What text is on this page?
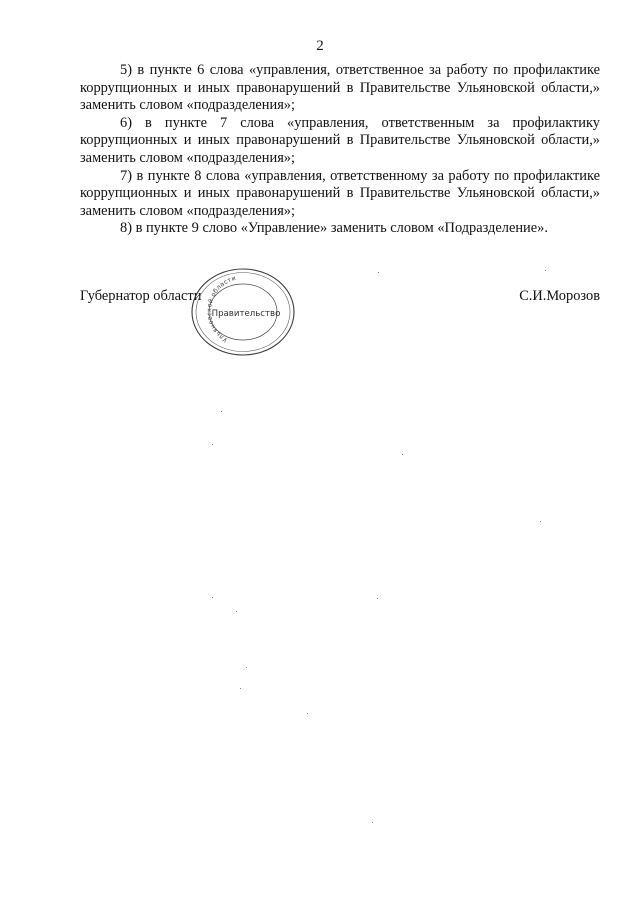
2

5) в пункте 6 слова «управления, ответственное за работу по профилактике коррупционных и иных правонарушений в Правительстве Ульяновской области,» заменить словом «подразделения»;

6) в пункте 7 слова «управления, ответственным за профилактику коррупционных и иных правонарушений в Правительстве Ульяновской области,» заменить словом «подразделения»;

7) в пункте 8 слова «управления, ответственному за работу по профилактике коррупционных и иных правонарушений в Правительстве Ульяновской области,» заменить словом «подразделения»;

8) в пункте 9 слово «Управление» заменить словом «Подразделение».

Губернатор области	С.И.Морозов
Ульяновской области
Правительство
